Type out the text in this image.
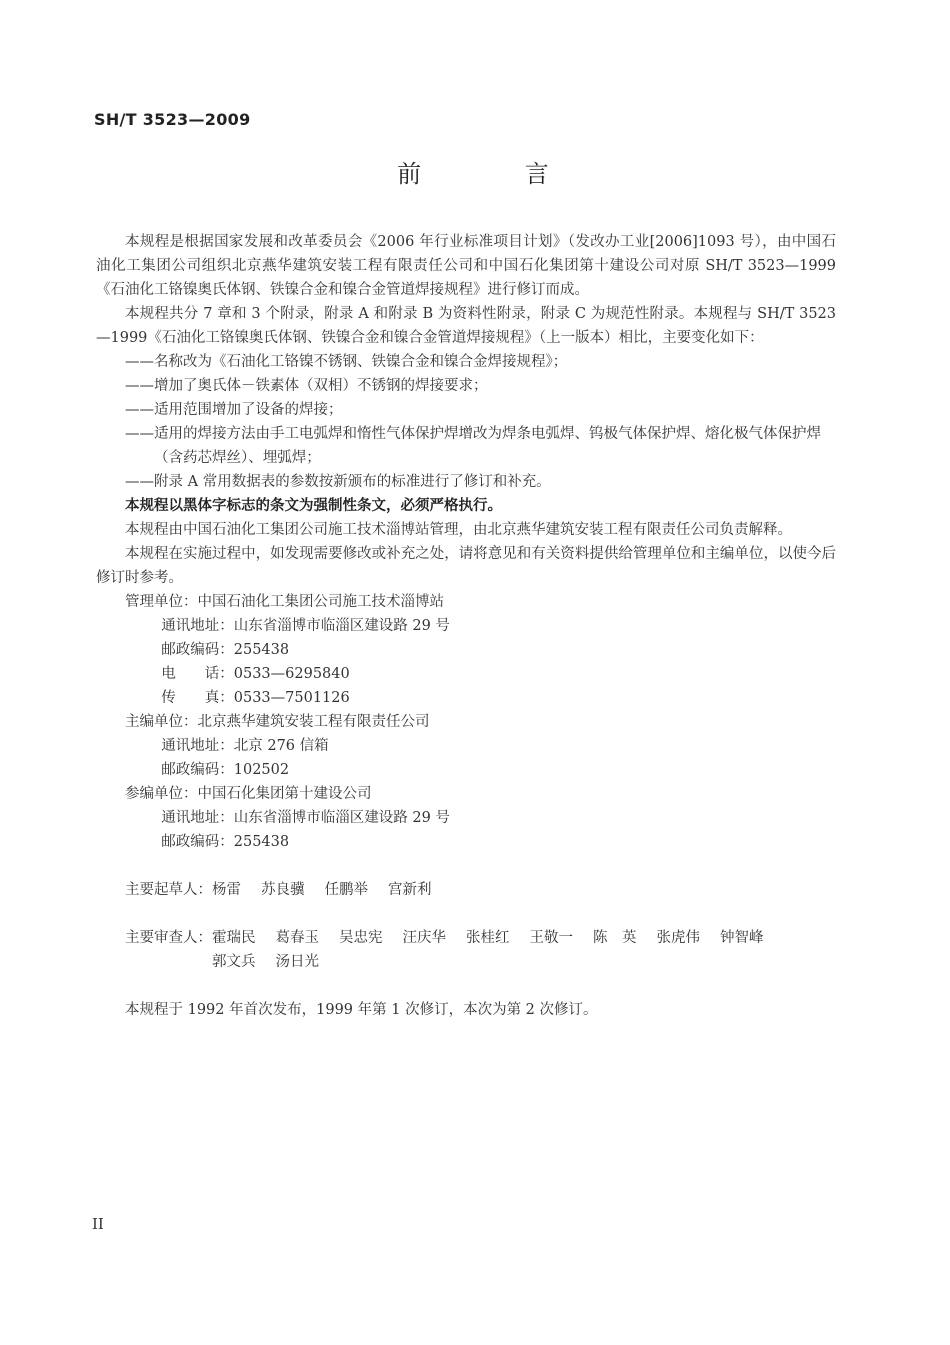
SH/T 3523—2009
前 言

本规程是根据国家发展和改革委员会《2006 年行业标准项目计划》（发改办工业[2006]1093 号），由中国石油化工集团公司组织北京燕华建筑安装工程有限责任公司和中国石化集团第十建设公司对原 SH/T 3523—1999《石油化工铬镍奥氏体钢、铁镍合金和镍合金管道焊接规程》进行修订而成。

本规程共分 7 章和 3 个附录，附录 A 和附录 B 为资料性附录，附录 C 为规范性附录。本规程与 SH/T 3523—1999《石油化工铬镍奥氏体钢、铁镍合金和镍合金管道焊接规程》（上一版本）相比，主要变化如下：

——名称改为《石油化工铬镍不锈钢、铁镍合金和镍合金焊接规程》；

——增加了奥氏体－铁素体（双相）不锈钢的焊接要求；

——适用范围增加了设备的焊接；

——适用的焊接方法由手工电弧焊和惰性气体保护焊增改为焊条电弧焊、钨极气体保护焊、熔化极气体保护焊（含药芯焊丝）、埋弧焊；

——附录 A 常用数据表的参数按新颁布的标准进行了修订和补充。

本规程以黑体字标志的条文为强制性条文，必须严格执行。

本规程由中国石油化工集团公司施工技术淄博站管理，由北京燕华建筑安装工程有限责任公司负责解释。

本规程在实施过程中，如发现需要修改或补充之处，请将意见和有关资料提供给管理单位和主编单位，以使今后修订时参考。

管理单位：中国石油化工集团公司施工技术淄博站

通讯地址：山东省淄博市临淄区建设路 29 号

邮政编码：255438

电　　话：0533—6295840

传　　真：0533—7501126

主编单位：北京燕华建筑安装工程有限责任公司

通讯地址：北京 276 信箱

邮政编码：102502

参编单位：中国石化集团第十建设公司

通讯地址：山东省淄博市临淄区建设路 29 号

邮政编码：255438

主要起草人： 杨雷 苏良骥 任鹏举 宫新利
主要审查人： 霍瑞民 葛春玉 吴忠宪 汪庆华 张桂红 王敬一 陈　英 张虎伟 钟智峰
郭文兵 汤日光

本规程于 1992 年首次发布，1999 年第 1 次修订，本次为第 2 次修订。

II
